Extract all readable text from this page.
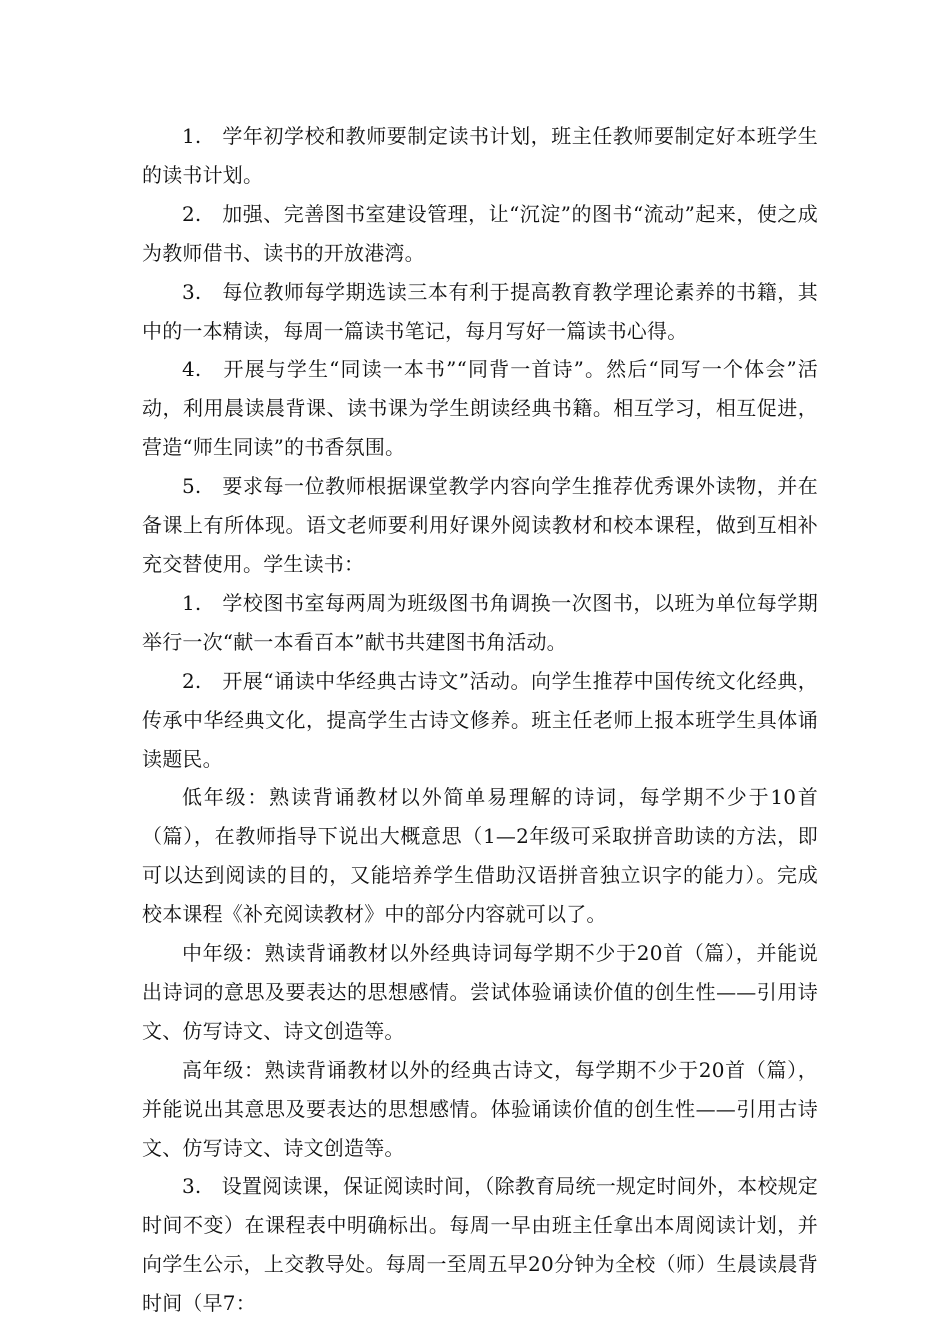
1.　学年初学校和教师要制定读书计划，班主任教师要制定好本班学生的读书计划。

2.　加强、完善图书室建设管理，让“沉淀”的图书“流动”起来，使之成为教师借书、读书的开放港湾。

3.　每位教师每学期选读三本有利于提高教育教学理论素养的书籍，其中的一本精读，每周一篇读书笔记，每月写好一篇读书心得。

4.　开展与学生“同读一本书”“同背一首诗”。然后“同写一个体会”活动，利用晨读晨背课、读书课为学生朗读经典书籍。相互学习，相互促进，营造“师生同读”的书香氛围。

5.　要求每一位教师根据课堂教学内容向学生推荐优秀课外读物，并在备课上有所体现。语文老师要利用好课外阅读教材和校本课程，做到互相补充交替使用。学生读书：

1.　学校图书室每两周为班级图书角调换一次图书，以班为单位每学期举行一次“献一本看百本”献书共建图书角活动。

2.　开展“诵读中华经典古诗文”活动。向学生推荐中国传统文化经典，传承中华经典文化，提高学生古诗文修养。班主任老师上报本班学生具体诵读题民。

低年级：熟读背诵教材以外简单易理解的诗词，每学期不少于10首（篇），在教师指导下说出大概意思（1—2年级可采取拼音助读的方法，即可以达到阅读的目的，又能培养学生借助汉语拼音独立识字的能力）。完成校本课程《补充阅读教材》中的部分内容就可以了。

中年级：熟读背诵教材以外经典诗词每学期不少于20首（篇），并能说出诗词的意思及要表达的思想感情。尝试体验诵读价值的创生性——引用诗文、仿写诗文、诗文创造等。

高年级：熟读背诵教材以外的经典古诗文，每学期不少于20首（篇），并能说出其意思及要表达的思想感情。体验诵读价值的创生性——引用古诗文、仿写诗文、诗文创造等。

3.　设置阅读课，保证阅读时间，（除教育局统一规定时间外，本校规定时间不变）在课程表中明确标出。每周一早由班主任拿出本周阅读计划，并向学生公示，上交教导处。每周一至周五早20分钟为全校（师）生晨读晨背时间（早7：
